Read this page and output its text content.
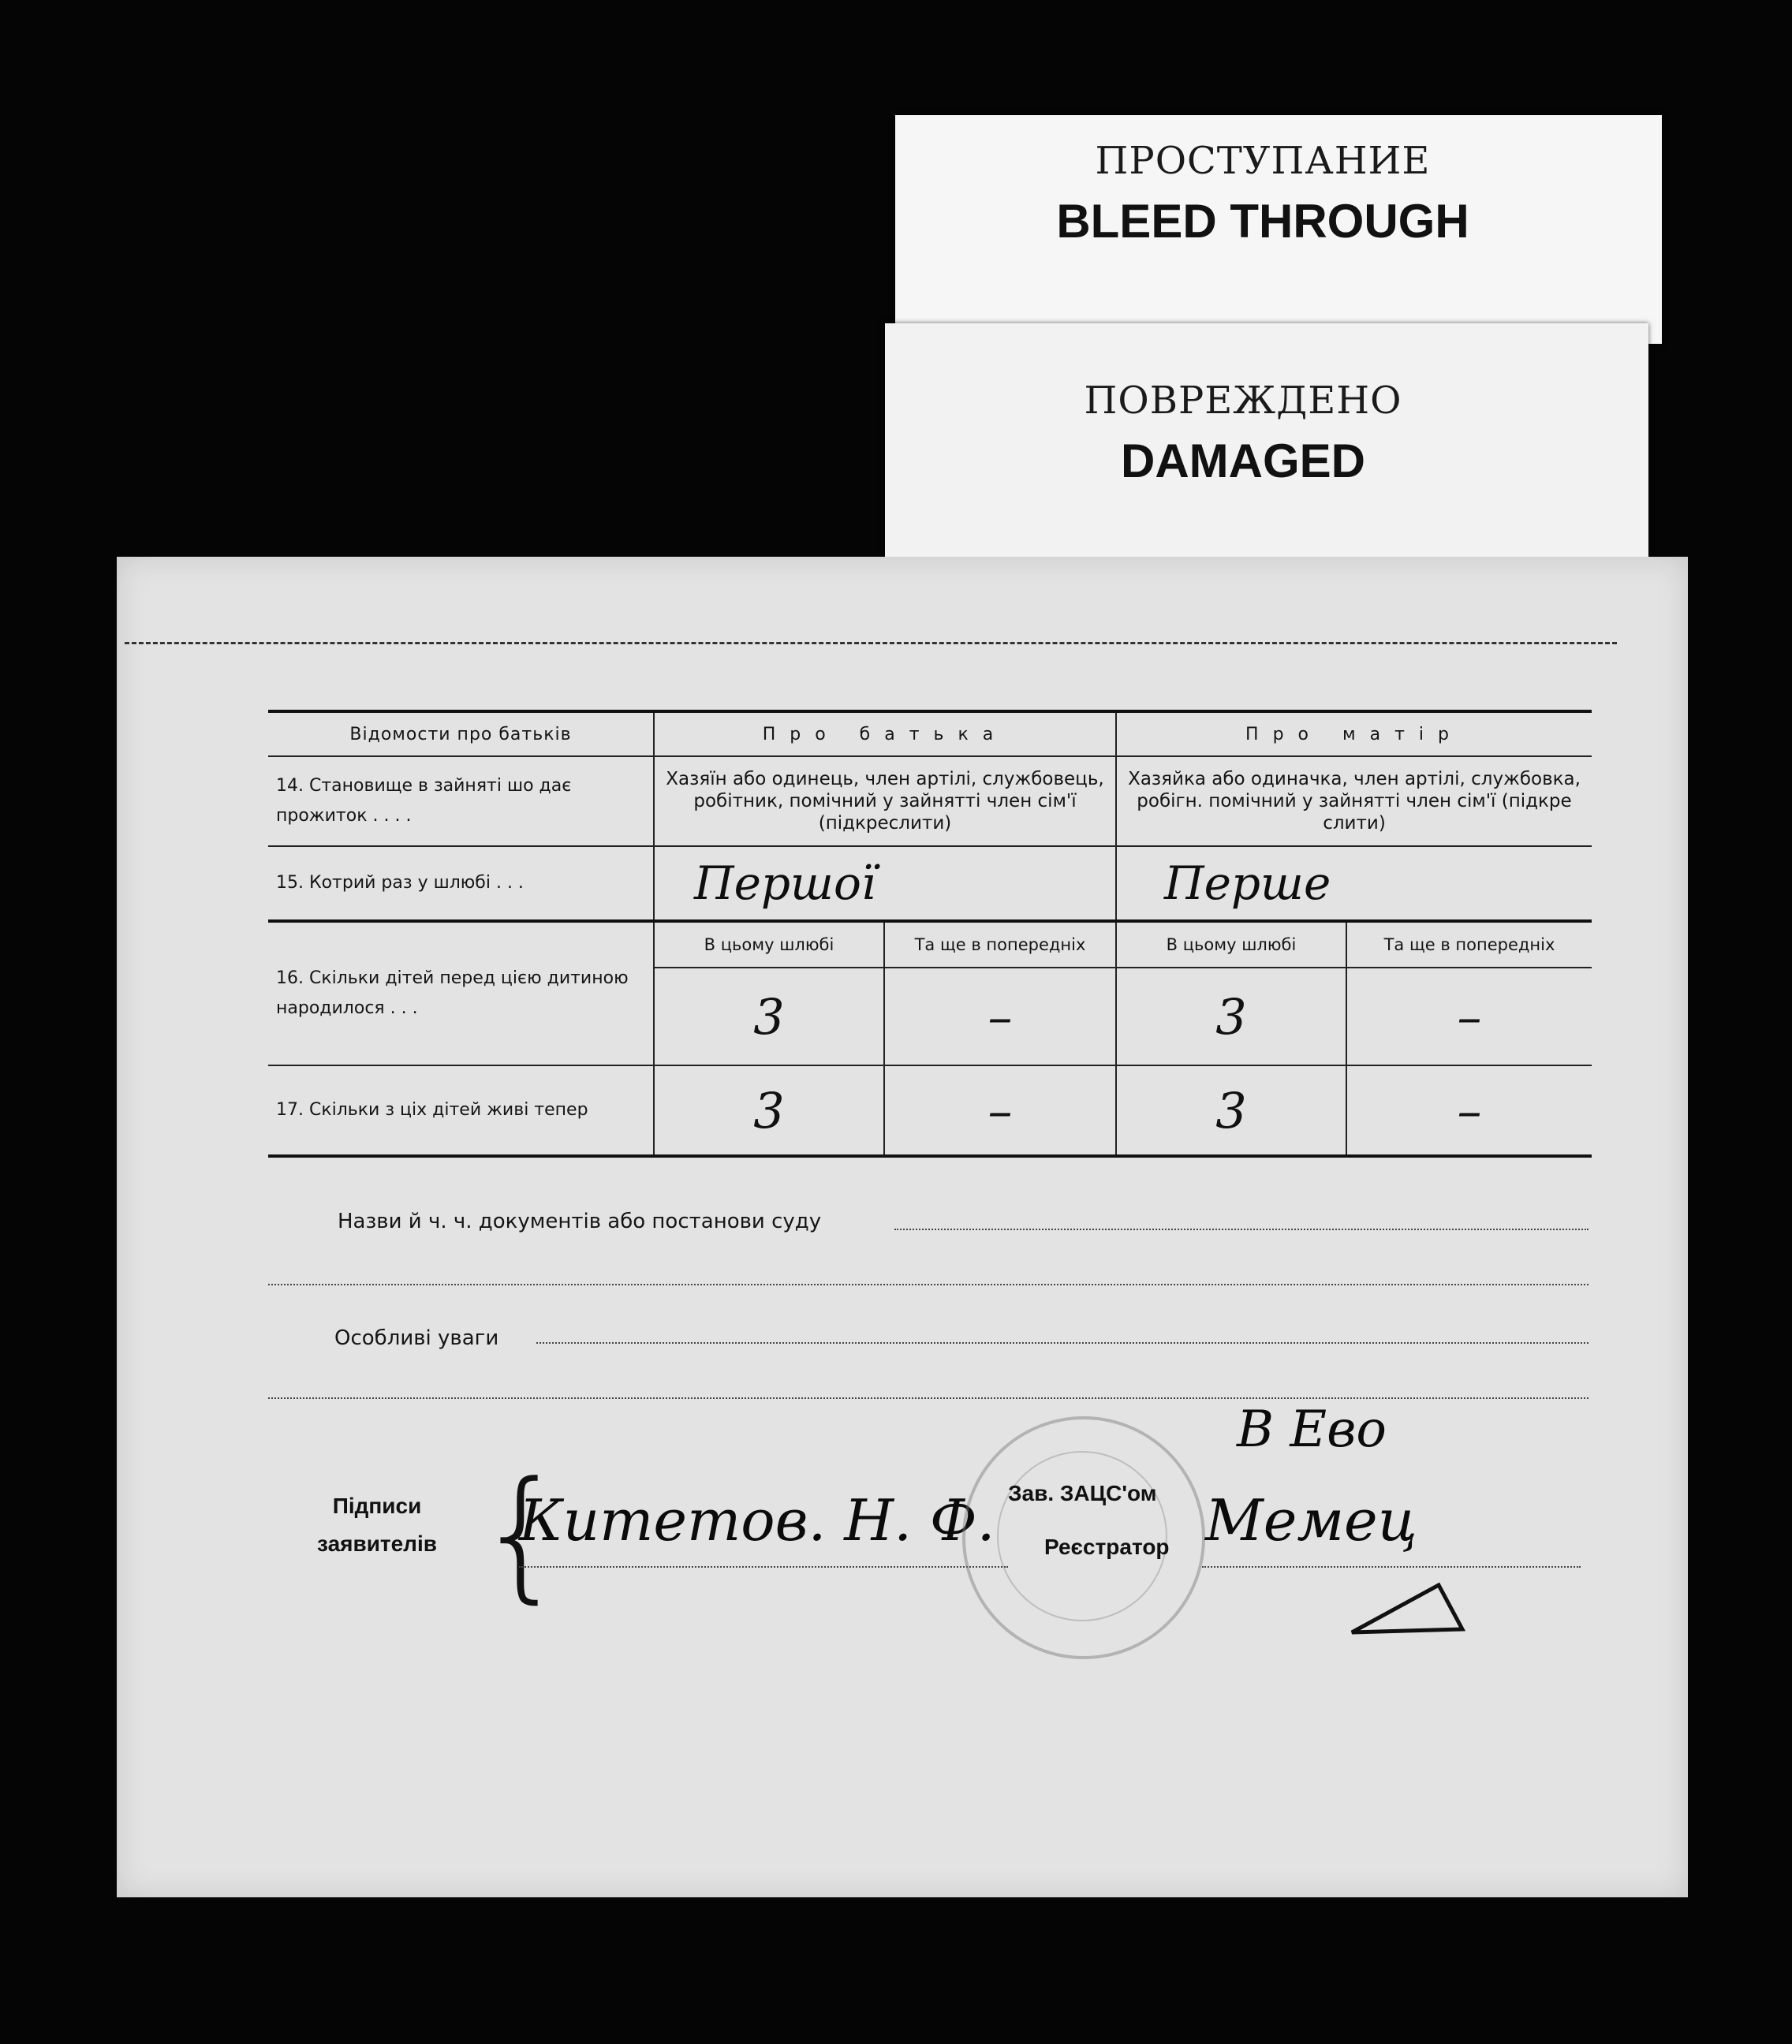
ПРОСТУПАНИЕ
BLEED THROUGH
ПОВРЕЖДЕНО
DAMAGED
Відомости про батьків	Про батька		Про матір	
14. Становище в зайняті шо дає прожиток . . . .	Хазяїн або одинець, член артілі, службовець, робітник, помічний у зайнятті член сім'ї (підкреслити)		Хазяйка або одиначка, член артілі, службовка, робігн. помічний у зайнятті член сім'ї (підкре слити)	
15. Котрий раз у шлюбі . . .	Першої		Перше	
16. Скільки дітей перед цією дитиною народилося . . .	В цьому шлюбі	Та ще в попередніх	В цьому шлюбі	Та ще в попередніх
	3	–	3	–
17. Скільки з ціх дітей живі тепер	3	–	3	–
Назви й ч. ч. документів або постанови суду
Особливі уваги
Підписи заявителів {
Китетов. Н. Ф. Зав. ЗАЦС'ом
В Ево
Реєстратор Мемец
